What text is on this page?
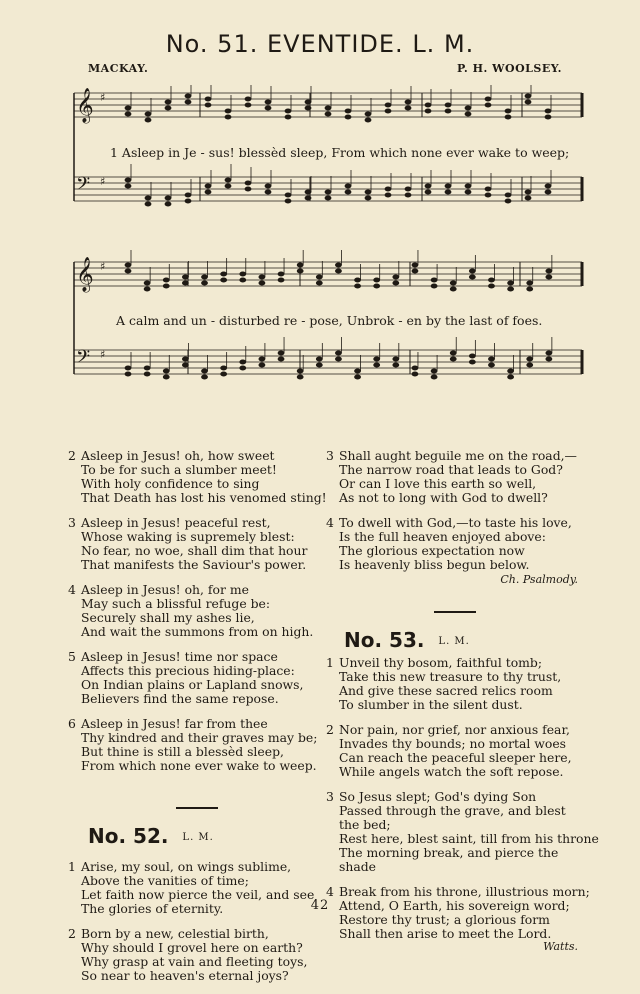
No. 51. EVENTIDE. L. M.
MACKAY.	P. H. WOOLSEY.
𝄞 ♯
𝄢 ♯
1 Asleep in Je - sus! blessèd sleep, From which none ever wake to weep;
𝄞 ♯
𝄢 ♯
A calm and un - disturbed re - pose, Unbrok - en by the last of foes.
2 Asleep in Jesus! oh, how sweet
To be for such a slumber meet!
With holy confidence to sing
That Death has lost his venomed sting!
3 Asleep in Jesus! peaceful rest,
Whose waking is supremely blest:
No fear, no woe, shall dim that hour
That manifests the Saviour's power.
4 Asleep in Jesus! oh, for me
May such a blissful refuge be:
Securely shall my ashes lie,
And wait the summons from on high.
5 Asleep in Jesus! time nor space
Affects this precious hiding-place:
On Indian plains or Lapland snows,
Believers find the same repose.
6 Asleep in Jesus! far from thee
Thy kindred and their graves may be;
But thine is still a blessèd sleep,
From which none ever wake to weep.
No. 52. $^{L. M.}$
1 Arise, my soul, on wings sublime,
Above the vanities of time;
Let faith now pierce the veil, and see
The glories of eternity.
2 Born by a new, celestial birth,
Why should I grovel here on earth?
Why grasp at vain and fleeting toys,
So near to heaven's eternal joys?
3 Shall aught beguile me on the road,—
The narrow road that leads to God?
Or can I love this earth so well,
As not to long with God to dwell?
4 To dwell with God,—to taste his love,
Is the full heaven enjoyed above:
The glorious expectation now
Is heavenly bliss begun below.
Ch. Psalmody.
No. 53. $^{L. M.}$
1 Unveil thy bosom, faithful tomb;
Take this new treasure to thy trust,
And give these sacred relics room
To slumber in the silent dust.
2 Nor pain, nor grief, nor anxious fear,
Invades thy bounds; no mortal woes
Can reach the peaceful sleeper here,
While angels watch the soft repose.
3 So Jesus slept; God's dying Son
Passed through the grave, and blest
the bed;
Rest here, blest saint, till from his throne
The morning break, and pierce the
shade
4 Break from his throne, illustrious morn;
Attend, O Earth, his sovereign word;
Restore thy trust; a glorious form
Shall then arise to meet the Lord.
Watts.
42
